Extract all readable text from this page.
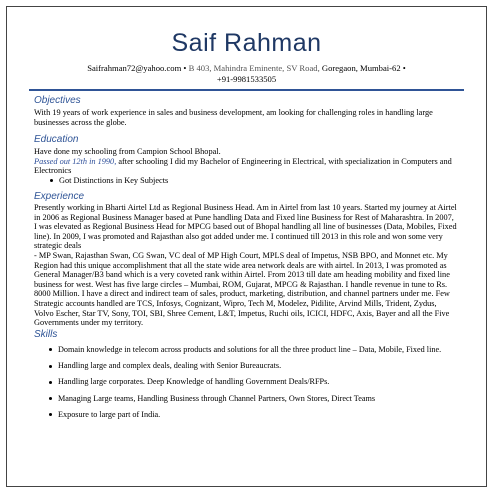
Saif Rahman
Saifrahman72@yahoo.com • B 403, Mahindra Eminente, SV Road, Goregaon, Mumbai-62 •
+91-9981533505
Objectives
With 19 years of work experience in sales and business development, am looking for challenging roles in handling large businesses across the globe.
Education
Have done my schooling from Campion School Bhopal.
Passed out 12th in 1990, after schooling I did my Bachelor of Engineering in Electrical, with specialization in Computers and Electronics
Got Distinctions in Key Subjects
Experience
Presently working in Bharti Airtel Ltd as Regional Business Head. Am in Airtel from last 10 years. Started my journey at Airtel in 2006 as Regional Business Manager based at Pune handling Data and Fixed line Business for Rest of Maharashtra. In 2007, I was elevated as Regional Business Head for MPCG based out of Bhopal handling all line of businesses (Data, Mobiles, Fixed line). In 2009, I was promoted and Rajasthan also got added under me. I continued till 2013 in this role and won some very strategic deals
- MP Swan, Rajasthan Swan, CG Swan, VC deal of MP High Court, MPLS deal of Impetus, NSB BPO, and Monnet etc. My Region had this unique accomplishment that all the state wide area network deals are with airtel. In 2013, I was promoted as General Manager/B3 band which is a very coveted rank within Airtel. From 2013 till date am heading mobility and fixed line business for west. West has five large circles – Mumbai, ROM, Gujarat, MPCG & Rajasthan. I handle revenue in tune to Rs. 8000 Million. I have a direct and indirect team of sales, product, marketing, distribution, and channel partners under me. Few Strategic accounts handled are TCS, Infosys, Cognizant, Wipro, Tech M, Modelez, Pidilite, Arvind Mills, Trident, Zydus, Volvo Escher, Star TV, Sony, TOI, SBI, Shree Cement, L&T, Impetus, Ruchi oils, ICICI, HDFC, Axis, Bayer and all the Five Governments under my territory.
Skills
Domain knowledge in telecom across products and solutions for all the three product line – Data, Mobile, Fixed line.
Handling large and complex deals, dealing with Senior Bureaucrats.
Handling large corporates. Deep Knowledge of handling Government Deals/RFPs.
Managing Large teams, Handling Business through Channel Partners, Own Stores, Direct Teams
Exposure to large part of India.
